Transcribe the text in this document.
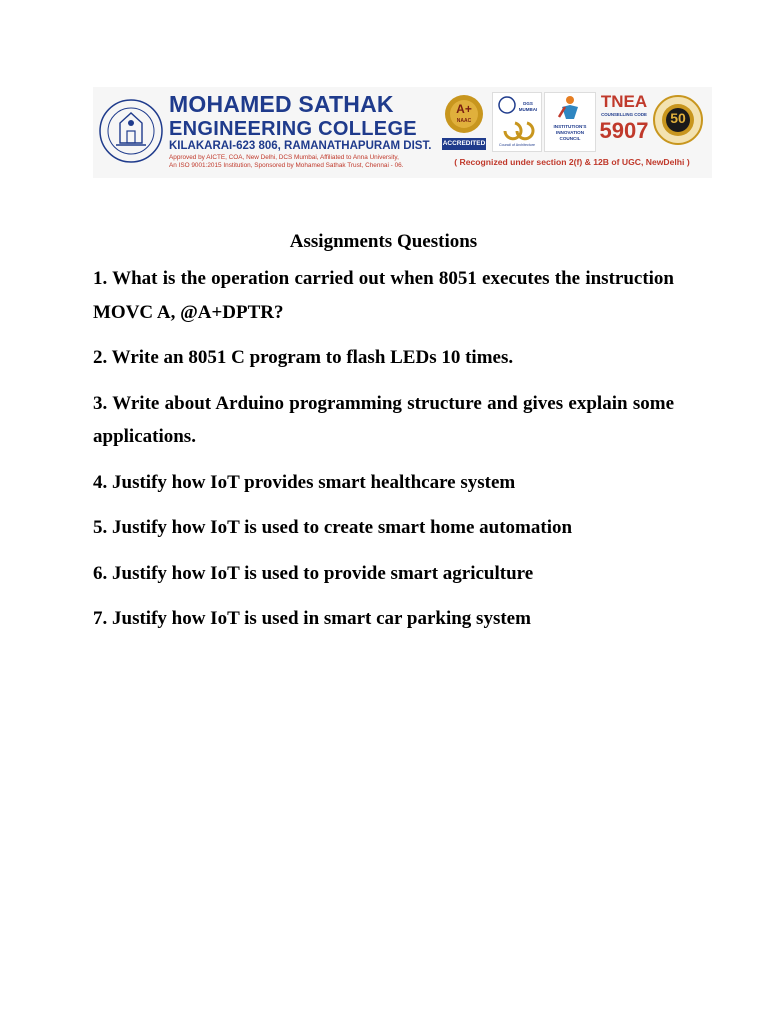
MOHAMED SATHAK
ENGINEERING COLLEGE
KILAKARAI-623 806, RAMANATHAPURAM DIST.
Approved by AICTE, COA, New Delhi, DCS Mumbai, Affiliated to Anna University,
An ISO 9001:2015 Institution, Sponsored by Mohamed Sathak Trust, Chennai - 06.
A+
NAAC
ACCREDITED
DGS MUMBAI
Council of Architecture
INSTITUTION'S INNOVATION COUNCIL
TNEA
COUNSELLING CODE
5907	50
( Recognized under section 2(f) & 12B of UGC, NewDelhi )
Assignments Questions
1. What is the operation carried out when 8051 executes the instruction MOVC A, @A+DPTR?
2. Write an 8051 C program to flash LEDs 10 times.
3. Write about Arduino programming structure and gives explain some applications.
4. Justify how IoT provides smart healthcare system
5. Justify how IoT is used to create smart home automation
6. Justify how IoT is used to provide smart agriculture
7. Justify how IoT is used in smart car parking system
